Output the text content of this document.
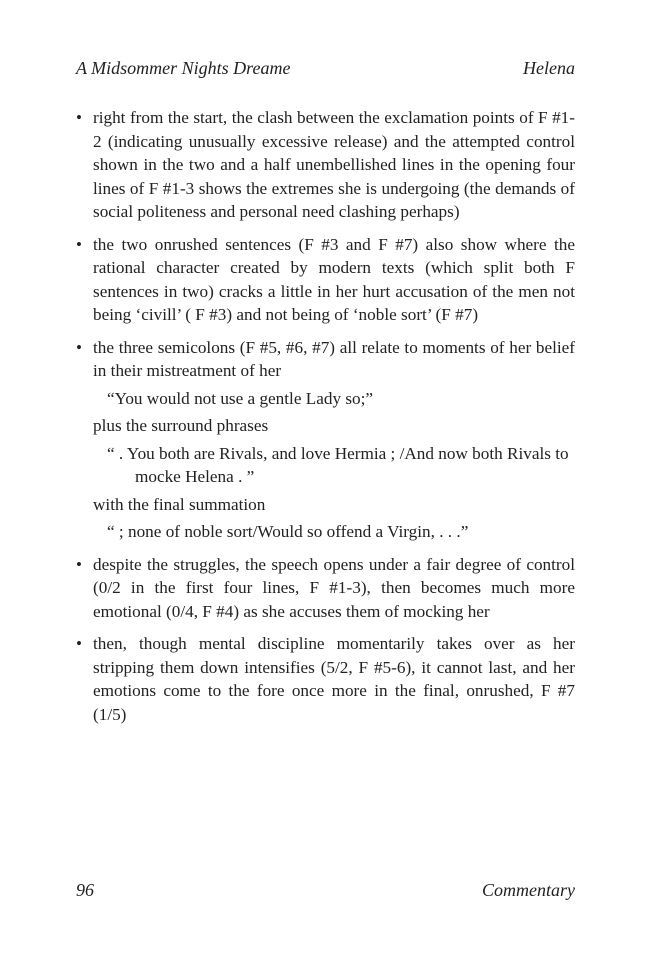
A Midsommer Nights Dreame	Helena
• right from the start, the clash between the exclamation points of F #1-2 (indicating unusually excessive release) and the attempted control shown in the two and a half unembellished lines in the opening four lines of F #1-3 shows the extremes she is undergoing (the demands of social politeness and personal need clashing perhaps)

• the two onrushed sentences (F #3 and F #7) also show where the rational character created by modern texts (which split both F sentences in two) cracks a little in her hurt accusation of the men not being ‘civill’ ( F #3) and not being of ‘noble sort’ (F #7)

• the three semicolons (F #5, #6, #7) all relate to moments of her belief in their mistreatment of her

“You would not use a gentle Lady so;”

plus the surround phrases

“ . You both are Rivals, and love Hermia ; /And now both Rivals to mocke Helena . ”

with the final summation

“ ; none of noble sort/Would so offend a Virgin, . . .”

• despite the struggles, the speech opens under a fair degree of control (0/2 in the first four lines, F #1-3), then becomes much more emotional (0/4, F #4) as she accuses them of mocking her

• then, though mental discipline momentarily takes over as her stripping them down intensifies (5/2, F #5-6), it cannot last, and her emotions come to the fore once more in the final, onrushed, F #7 (1/5)

96	Commentary
